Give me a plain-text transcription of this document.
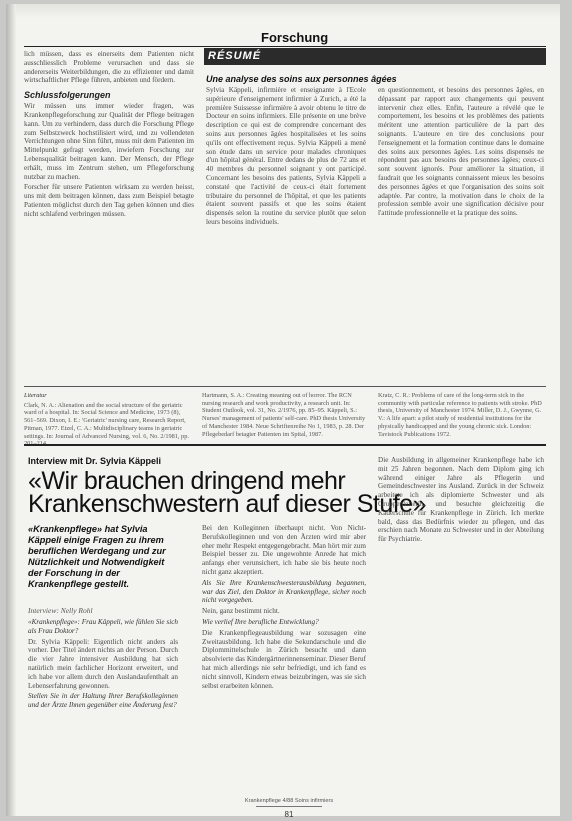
Forschung

lich müssen, dass es einerseits dem Patienten nicht ausschliesslich Probleme verursachen und dass sie andererseits Weiterbildungen, die zu effizienter und damit wirtschaftlicher Pflege führen, anbieten und fördern.

Schlussfolgerungen

Wir müssen uns immer wieder fragen, was Krankenpflegeforschung zur Qualität der Pflege beitragen kann. Um zu verhindern, dass durch die Forschung Pflege zum Selbstzweck hochstilisiert wird, und zu vollendeten Verrichtungen ohne Sinn führt, muss mit dem Patienten im Mittelpunkt gefragt werden, inwiefern Forschung zur Lebensqualität beitragen kann. Der Mensch, der Pflege erhält, muss im Zentrum stehen, um Pflegeforschung nutzbar zu machen.

Forscher für unsere Patienten wirksam zu werden heisst, uns mit dem beitragen können, dass zum Beispiel betagte Patienten möglichst durch den Tag gehen können und dies nicht schlafend verbringen müssen.

RÉSUMÉ
Une analyse des soins aux personnes âgées

Sylvia Käppeli, infirmière et enseignante à l'Ecole supérieure d'enseignement infirmier à Zurich, a été la première Suissesse infirmière à avoir obtenu le titre de Docteur en soins infirmiers. Elle présente en une brève description ce qui est de comprendre concernant des soins aux personnes âgées hospitalisées et les soins qu'ils ont effectivement reçus. Sylvia Käppeli a mené son étude dans un service pour malades chroniques d'un hôpital général. Entre dedans de plus de 72 ans et 40 membres du personnel soignant y ont participé. Concernant les besoins des patients, Sylvia Käppeli a constaté que l'activité de ceux-ci était fortement tributaire du personnel de l'hôpital, et que les patients étaient souvent passifs et que les soins étaient dispensés selon la routine du service plutôt que selon leurs besoins individuels.

en questionnement, et besoins des personnes âgées, en dépassant par rapport aux changements qui peuvent intervenir chez elles. Enfin, l'auteure a révélé que le comportement, les besoins et les problèmes des patients méritent une attention particulière de la part des soignants. L'auteure en tire des conclusions pour l'enseignement et la formation continue dans le domaine des soins aux personnes âgées. Les soins dispensés ne répondent pas aux besoins des personnes âgées; ceux-ci sont souvent ignorés. Pour améliorer la situation, il faudrait que les soignants connaissent mieux les besoins des personnes âgées et que l'organisation des soins soit adaptée. Par contre, la motivation dans le choix de la profession semble avoir une signification décisive pour l'attitude professionnelle et la pratique des soins.

Literatur

Clark, N. A.: Alienation and the social structure of the geriatric ward of a hospital. In: Social Science and Medicine, 1973 (8), 561–569. Dixon, I. E.: 'Geriatric' nursing care, Research Report, Pitman, 1977. Etzel, C. A.: Multidisciplinary teams in geriatric settings. In: Journal of Advanced Nursing, vol. 6, No. 2/1981, pp.

Hartmann, S. A.: Creating meaning out of horror. The RCN nursing research and work productivity, a research unit. In: Student Outlook, vol. 31, No. 2/1976, pp. 85–95. Käppeli, S.: Nurses' management of patients' self-care. PhD thesis University of Manchester 1984. Neue Schriftenreihe No 1, 1983, p. 28. Der Pflegebedarf betagter Patienten im Spital, 1987.

Kratz, C. R.: Problems of care of the long-term sick in the community with particular reference to patients with stroke. PhD thesis, University of Manchester 1974. Miller, D. J., Gwynne, G. V.: A life apart: a pilot study of residential institutions for the physically handicapped and the young chronic sick. London: Tavistock Publications 1972.

Interview mit Dr. Sylvia Käppeli
«Wir brauchen dringend mehr Krankenschwestern auf dieser Stufe»
«Krankenpflege» hat Sylvia Käppeli einige Fragen zu ihrem beruflichen Werdegang und zur Nützlichkeit und Notwendigkeit der Forschung in der Krankenpflege gestellt.
Interview: Nelly Rohl

«Krankenpflege»: Frau Käppeli, wie fühlen Sie sich als Frau Doktor?

Dr. Sylvia Käppeli: Eigentlich nicht anders als vorher. Der Titel ändert nichts an der Person. Durch die vier Jahre intensiver Ausbildung hat sich natürlich mein fachlicher Horizont erweitert, und ich habe vor allem durch den Auslandaufenthalt an Lebenserfahrung gewonnen.

Stellen Sie in der Haltung Ihrer Berufskolleginnen und der Ärzte Ihnen gegenüber eine Änderung fest?

Bei den Kolleginnen überhaupt nicht. Von Nicht-Berufskolleginnen und von den Ärzten wird mir aber eher mehr Respekt entgegengebracht. Man hört mir zum Beispiel besser zu. Die ungewohnte Anrede hat mich anfangs eher verunsichert, ich habe sie bis heute noch nicht ganz akzeptiert.

Als Sie Ihre Krankenschwesterausbildung begannen, war das Ziel, den Doktor in Krankenpflege, sicher noch nicht vorgegeben.

Nein, ganz bestimmt nicht.

Wie verlief Ihre berufliche Entwicklung?

Die Krankenpflegeausbildung war sozusagen eine Zweitausbildung. Ich habe die Sekundarschule und die Diplommittelschule in Zürich besucht und dann absolvierte das Kindergärtnerinnenseminar. Dieser Beruf hat mich allerdings nie sehr befriedigt, und ich fand es nicht sinnvoll, Kindern etwas beizubringen, was sie sich selbst erarbeiten können.

Die Ausbildung in allgemeiner Krankenpflege habe ich mit 25 Jahren begonnen. Nach dem Diplom ging ich während einiger Jahre als Pflegerin und Gemeindeschwester ins Ausland. Zurück in der Schweiz arbeitete ich als diplomierte Schwester und als Gruppenleiterin, und besuchte gleichzeitig die Kaderschule für Krankenpflege in Zürich. Ich merkte bald, dass das Bedürfnis wieder zu pflegen, und das erschien nach Monate zu Schwester und in der Abteilung für Psychiatrie.

Krankenpflege 4/88 Soins infirmiers
81
